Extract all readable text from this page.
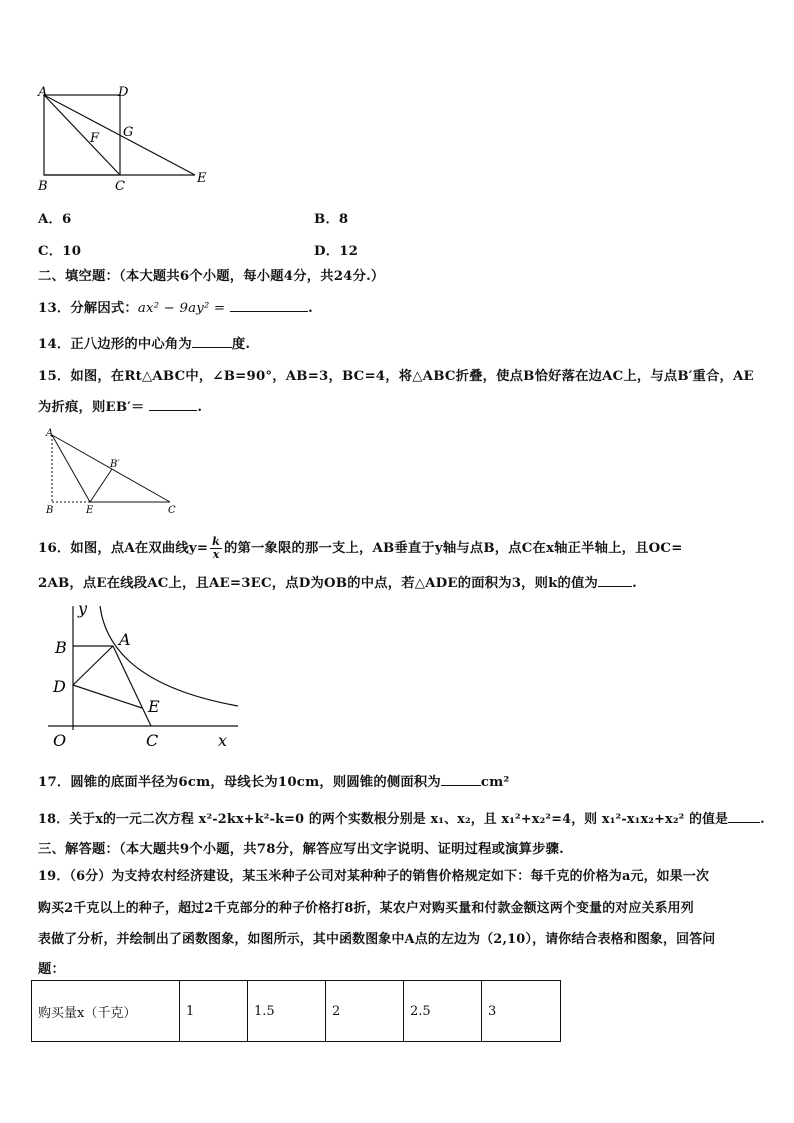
A	D
F G
B	C
E
A．6	B．8
C．10	D．12
二、填空题：（本大题共6个小题，每小题4分，共24分.）
13．分解因式：ax² − 9ay² =	.
14．正八边形的中心角为	度.
15．如图，在Rt△ABC中，∠B=90°，AB=3，BC=4，将△ABC折叠，使点B恰好落在边AC上，与点B′重合，AE
为折痕，则EB′＝	.
A
B′
B	E	C
16．如图，点A在双曲线$y= \frac{k}{x}$ 的第一象限的那一支上，AB垂直于y轴与点B，点C在x轴正半轴上，且OC=
2AB，点E在线段AC上，且AE=3EC，点D为OB的中点，若△ADE的面积为3，则k的值为	.
y
B	A
D
E
O	C	x
17．圆锥的底面半径为6cm，母线长为10cm，则圆锥的侧面积为	cm²
18．关于x的一元二次方程 x²-2kx+k²-k=0 的两个实数根分别是 x₁、x₂，且 x₁²+x₂²=4，则 x₁²-x₁x₂+x₂² 的值是	.
三、解答题：（本大题共9个小题，共78分，解答应写出文字说明、证明过程或演算步骤.
19．（6分）为支持农村经济建设，某玉米种子公司对某种种子的销售价格规定如下：每千克的价格为a元，如果一次
购买2千克以上的种子，超过2千克部分的种子价格打8折，某农户对购买量和付款金额这两个变量的对应关系用列
表做了分析，并绘制出了函数图象，如图所示，其中函数图象中A点的左边为（2,10），请你结合表格和图象，回答问
题：
购买量x（千克）	1	1.5	2	2.5	3
